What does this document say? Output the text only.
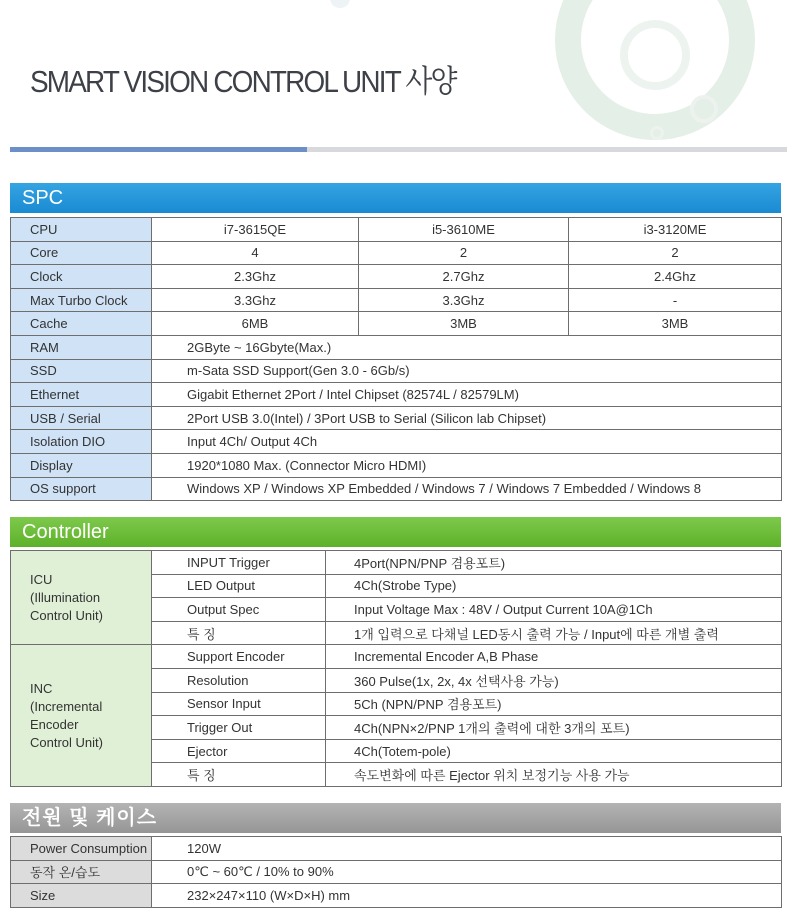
SMART VISION CONTROL UNIT 사양
SPC
CPU	i7-3615QE	i5-3610ME	i3-3120ME
Core	4	2	2
Clock	2.3Ghz	2.7Ghz	2.4Ghz
Max Turbo Clock	3.3Ghz	3.3Ghz	-
Cache	6MB	3MB	3MB
RAM	2GByte ~ 16Gbyte(Max.)		
SSD	m-Sata SSD Support(Gen 3.0 - 6Gb/s)		
Ethernet	Gigabit Ethernet 2Port / Intel Chipset (82574L / 82579LM)		
USB / Serial	2Port USB 3.0(Intel) / 3Port USB to Serial (Silicon lab Chipset)		
Isolation DIO	Input 4Ch/ Output 4Ch		
Display	1920*1080 Max. (Connector Micro HDMI)		
OS support	Windows XP / Windows XP Embedded / Windows 7 / Windows 7 Embedded / Windows 8		
Controller
ICU
(Illumination
Control Unit)	INPUT Trigger	4Port(NPN/PNP 겸용포트)
	LED Output	4Ch(Strobe Type)
	Output Spec	Input Voltage Max : 48V / Output Current 10A@1Ch
	특 징	1개 입력으로 다채널 LED동시 출력 가능 / Input에 따른 개별 출력

INC
(Incremental
Encoder
Control Unit)	Support Encoder	Incremental Encoder A,B Phase
	Resolution	360 Pulse(1x, 2x, 4x 선택사용 가능)
	Sensor Input	5Ch (NPN/PNP 겸용포트)
	Trigger Out	4Ch(NPN×2/PNP 1개의 출력에 대한 3개의 포트)
	Ejector	4Ch(Totem-pole)
	특 징	속도변화에 따른 Ejector 위치 보정기능 사용 가능
전원 및 케이스
Power Consumption	120W
동작 온/습도	0℃ ~ 60℃ / 10% to 90%
Size	232×247×110 (W×D×H) mm
